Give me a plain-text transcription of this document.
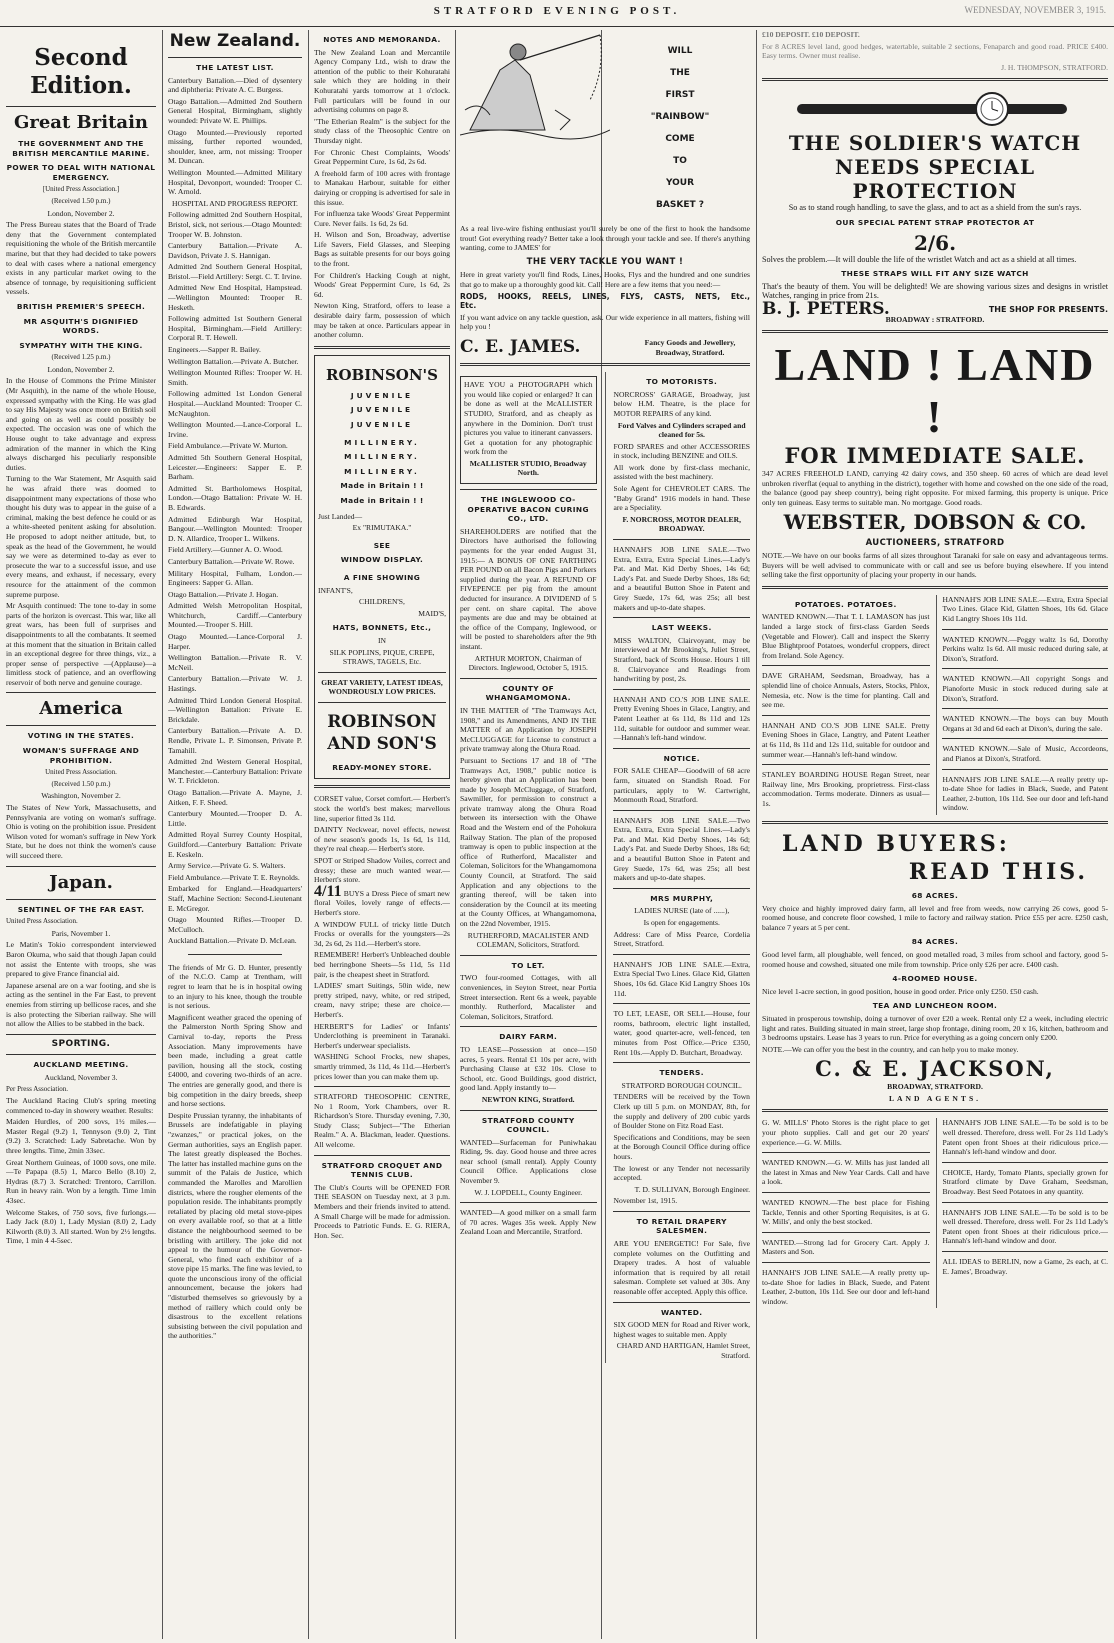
STRATFORD EVENING POST.	WEDNESDAY, NOVEMBER 3, 1915.
Second Edition.
Great Britain
THE GOVERNMENT AND THE BRITISH MERCANTILE MARINE.
POWER TO DEAL WITH NATIONAL EMERGENCY.

[United Press Association.]

(Received 1.50 p.m.)

London, November 2.

The Press Bureau states that the Board of Trade deny that the Government contemplated requisitioning the whole of the British mercantile marine, but that they had decided to take powers to deal with cases where a national emergency exists in any particular market owing to the absence of tonnage, by requisitioning sufficient vessels.

BRITISH PREMIER'S SPEECH.
MR ASQUITH'S DIGNIFIED WORDS.
SYMPATHY WITH THE KING.

(Received 1.25 p.m.)

London, November 2.

In the House of Commons the Prime Minister (Mr Asquith), in the name of the whole House, expressed sympathy with the King. He was glad to say His Majesty was once more on British soil and going on as well as could possibly be expected. The occasion was one of which the House ought to take advantage and express admiration of the manner in which the King always discharged his peculiarly responsible duties.

Turning to the War Statement, Mr Asquith said he was afraid there was doomed to disappointment many expectations of those who thought his duty was to appear in the guise of a criminal, making the best defence he could or as a white-sheeted penitent asking for absolution. He proposed to adopt neither attitude, but, to speak as the head of the Government, he would say we were as determined to-day as ever to prosecute the war to a successful issue, and use every means, and exhaust, if necessary, every resource for the attainment of the common supreme purpose.

Mr Asquith continued: The tone to-day in some parts of the horizon is overcast. This war, like all great wars, has been full of surprises and disappointments to all the combatants. It seemed at this moment that the situation in Britain called in an exceptional degree for three things, viz., a proper sense of perspective —(Applause)—a limitless stock of patience, and an overflowing reservoir of both nerve and genuine courage.

America
VOTING IN THE STATES.
WOMAN'S SUFFRAGE AND PROHIBITION.

United Press Association.

(Received 1.50 p.m.)

Washington, November 2.

The States of New York, Massachusetts, and Pennsylvania are voting on woman's suffrage. Ohio is voting on the prohibition issue. President Wilson voted for woman's suffrage in New York State, but he does not think the women's cause will succeed there.

Japan.
SENTINEL OF THE FAR EAST.

United Press Association.

Paris, November 1.

Le Matin's Tokio correspondent interviewed Baron Okuma, who said that though Japan could not assist the Entente with troops, she was prepared to give France financial aid.

Japanese arsenal are on a war footing, and she is acting as the sentinel in the Far East, to prevent enemies from stirring up bellicose races, and she is also protecting the Siberian railway. She will not allow the Allies to be stabbed in the back.

SPORTING.
AUCKLAND MEETING.

Auckland, November 3.

Per Press Association.

The Auckland Racing Club's spring meeting commenced to-day in showery weather. Results:

Maiden Hurdles, of 200 sovs, 1½ miles.—Master Regal (9.2) 1, Tennyson (9.0) 2, Tint (9.2) 3. Scratched: Lady Sabretache. Won by three lengths. Time, 2min 33sec.

Great Northern Guineas, of 1000 sovs, one mile.—Te Papapa (8.5) 1, Marco Bello (8.10) 2, Hydras (8.7) 3. Scratched: Trentoro, Carrillon. Run in heavy rain. Won by a length. Time 1min 43sec.

Welcome Stakes, of 750 sovs, five furlongs.—Lady Jack (8.0) 1, Lady Mysian (8.0) 2, Lady Kilworth (8.0) 3. All started. Won by 2½ lengths. Time, 1 min 4 4-5sec.

New Zealand.
THE LATEST LIST.

Canterbury Battalion.—Died of dysentery and diphtheria: Private A. C. Burgess.

Otago Battalion.—Admitted 2nd Southern General Hospital, Birmingham, slightly wounded: Private W. E. Phillips.

Otago Mounted.—Previously reported missing, further reported wounded, shoulder, knee, arm, not missing: Trooper M. Duncan.

Wellington Mounted.—Admitted Military Hospital, Devonport, wounded: Trooper C. W. Arnold.

HOSPITAL AND PROGRESS REPORT.

Following admitted 2nd Southern Hospital, Bristol, sick, not serious.—Otago Mounted: Trooper W. B. Johnston.

Canterbury Battalion.—Private A. Davidson, Private J. S. Hannigan.

Admitted 2nd Southern General Hospital, Bristol.—Field Artillery: Sergt. C. T. Irvine.

Admitted New End Hospital, Hampstead.—Wellington Mounted: Trooper R. Hesketh.

Following admitted 1st Southern General Hospital, Birmingham.—Field Artillery: Corporal R. T. Hewell.

Engineers.—Sapper R. Bailey.

Wellington Battalion.—Private A. Butcher.

Wellington Mounted Rifles: Trooper W. H. Smith.

Following admitted 1st London General Hospital.—Auckland Mounted: Trooper C. McNaughton.

Wellington Mounted.—Lance-Corporal L. Irvine.

Field Ambulance.—Private W. Murton.

Admitted 5th Southern General Hospital, Leicester.—Engineers: Sapper E. P. Barham.

Admitted St. Bartholomews Hospital, London.—Otago Battalion: Private W. H. B. Edwards.

Admitted Edinburgh War Hospital, Bangour.—Wellington Mounted: Trooper D. N. Allardice, Trooper L. Wilkens.

Field Artillery.—Gunner A. O. Wood.

Canterbury Battalion.—Private W. Rowe.

Military Hospital, Fulham, London.—Engineers: Sapper G. Allan.

Otago Battalion.—Private J. Hogan.

Admitted Welsh Metropolitan Hospital, Whitchurch, Cardiff.—Canterbury Mounted.—Trooper S. Hill.

Otago Mounted.—Lance-Corporal J. Harper.

Wellington Battalion.—Private R. V. McNeil.

Canterbury Battalion.—Private W. J. Hastings.

Admitted Third London General Hospital.—Wellington Battalion: Private E. Brickdale.

Canterbury Battalion.—Private A. D. Rendle, Private L. P. Simonsen, Private P. Tamahill.

Admitted 2nd Western General Hospital, Manchester.—Canterbury Battalion: Private W. T. Frickleton.

Otago Battalion.—Private A. Mayne, J. Aitken, F. F. Sheed.

Canterbury Mounted.—Trooper D. A. Little.

Admitted Royal Surrey County Hospital, Guildford.—Canterbury Battalion: Private E. Keskeln.

Army Service.—Private G. S. Walters.

Field Ambulance.—Private T. E. Reynolds.

Embarked for England.—Headquarters' Staff, Machine Section: Second-Lieutenant E. McGregor.

Otago Mounted Rifles.—Trooper D. McCulloch.

Auckland Battalion.—Private D. McLean.

The friends of Mr G. D. Hunter, presently of the N.C.O. Camp at Trentham, will regret to learn that he is in hospital owing to an injury to his knee, though the trouble is not serious.

Magnificent weather graced the opening of the Palmerston North Spring Show and Carnival to-day, reports the Press Association. Many improvements have been made, including a great cattle pavilion, housing all the stock, costing £4000, and covering two-thirds of an acre. The entries are generally good, and there is big competition in the dairy breeds, sheep and horse sections.

Despite Prussian tyranny, the inhabitants of Brussels are indefatigable in playing "zwanzes," or practical jokes, on the German authorities, says an English paper. The latest greatly displeased the Boches. The latter has installed machine guns on the summit of the Palais de Justice, which commanded the Marolles and Marollien districts, where the rougher elements of the population reside. The inhabitants promptly retaliated by placing old metal stove-pipes on every available roof, so that at a little distance the neighbourhood seemed to be bristling with artillery. The joke did not appeal to the humour of the Governor-General, who fined each exhibitor of a stove pipe 15 marks. The fine was levied, to quote the unconscious irony of the official announcement, because the jokers had "disturbed themselves so grievously by a method of raillery which could only be disastrous to the excellent relations subsisting between the civil population and the authorities."

NOTES AND MEMORANDA.

The New Zealand Loan and Mercantile Agency Company Ltd., wish to draw the attention of the public to their Kohuratahi sale which they are holding in their Kohuratahi yards tomorrow at 1 o'clock. Full particulars will be found in our advertising columns on page 8.

"The Etherian Realm" is the subject for the study class of the Theosophic Centre on Thursday night.

For Chronic Chest Complaints, Woods' Great Peppermint Cure, 1s 6d, 2s 6d.

A freehold farm of 100 acres with frontage to Manakau Harbour, suitable for either dairying or cropping is advertised for sale in this issue.

For influenza take Woods' Great Peppermint Cure. Never fails. 1s 6d, 2s 6d.

H. Wilson and Son, Broadway, advertise Life Savers, Field Glasses, and Sleeping Bags as suitable presents for our boys going to the front.

For Children's Hacking Cough at night, Woods' Great Peppermint Cure, 1s 6d, 2s 6d.

Newton King, Stratford, offers to lease a desirable dairy farm, possession of which may be taken at once. Particulars appear in another column.

ROBINSON'S
JUVENILE
JUVENILE
JUVENILE
MILLINERY.
MILLINERY.
MILLINERY.
Made in Britain ! !
Made in Britain ! !

Just Landed—

Ex "RIMUTAKA."

SEE
WINDOW DISPLAY.
A FINE SHOWING

INFANT'S,

CHILDREN'S,

MAID'S,

HATS, BONNETS, Etc.,

IN

SILK POPLINS, PIQUE, CREPE, STRAWS, TAGELS, Etc.

GREAT VARIETY, LATEST IDEAS, WONDROUSLY LOW PRICES.

ROBINSON AND SON'S
READY-MONEY STORE.

CORSET value, Corset comfort.— Herbert's stock the world's best makes; marvellous line, superior fitted 3s 11d.

DAINTY Neckwear, novel effects, newest of new season's goods 1s, 1s 6d, 1s 11d, they're real cheap.— Herbert's store.

SPOT or Striped Shadow Voiles, correct and dressy; these are much wanted wear.—Herbert's store.

4/11 BUYS a Dress Piece of smart new floral Voiles, lovely range of effects.—Herbert's store.

A WINDOW FULL of tricky little Dutch Frocks or overalls for the youngsters—2s 3d, 2s 6d, 2s 11d.—Herbert's store.

REMEMBER! Herbert's Unbleached double bed herringbone Sheets—5s 11d, 5s 11d pair, is the cheapest sheet in Stratford.

LADIES' smart Suitings, 50in wide, new pretty striped, navy, white, or red striped, cream, navy stripe; these are choice.—Herbert's.

HERBERT'S for Ladies' or Infants' Underclothing is preeminent in Taranaki. Herbert's underwear specialists.

WASHING School Frocks, new shapes, smartly trimmed, 3s 11d, 4s 11d.—Herbert's prices lower than you can make them up.

STRATFORD THEOSOPHIC CENTRE, No 1 Room, York Chambers, over R. Richardson's Store. Thursday evening, 7.30, Study Class; Subject—"The Etherian Realm." A. A. Blackman, leader. Questions. All welcome.

STRATFORD CROQUET AND TENNIS CLUB.

The Club's Courts will be OPENED FOR THE SEASON on Tuesday next, at 3 p.m. Members and their friends invited to attend. A Small Charge will be made for admission. Proceeds to Patriotic Funds. E. G. RIERA, Hon. Sec.

WILL
THE
FIRST
"RAINBOW"
COME
TO
YOUR
BASKET ?

As a real live-wire fishing enthusiast you'll surely be one of the first to hook the handsome trout! Got everything ready? Better take a look through your tackle and see. If there's anything wanting, come to JAMES' for

THE VERY TACKLE YOU WANT !

Here in great variety you'll find Rods, Lines, Hooks, Flys and the hundred and one sundries that go to make up a thoroughly good kit. Call! Here are a few items that you need:—

RODS, HOOKS, REELS, LINES, FLYS, CASTS, NETS, Etc., Etc.

If you want advice on any tackle question, ask. Our wide experience in all matters, fishing will help you !

C. E. JAMES.	Fancy Goods and Jewellery, Broadway, Stratford.

HAVE YOU a PHOTOGRAPH which you would like copied or enlarged? It can be done as well at the McALLISTER STUDIO, Stratford, and as cheaply as anywhere in the Dominion. Don't trust pictures you value to itinerant canvassers. Get a quotation for any photographic work from the

McALLISTER STUDIO, Broadway North.

THE INGLEWOOD CO-OPERATIVE BACON CURING CO., LTD.

SHAREHOLDERS are notified that the Directors have authorised the following payments for the year ended August 31, 1915:— A BONUS OF ONE FARTHING PER POUND on all Bacon Pigs and Porkers supplied during the year. A REFUND OF FIVEPENCE per pig from the amount deducted for insurance. A DIVIDEND of 5 per cent. on share capital. The above payments are due and may be obtained at the office of the Company, Inglewood, or will be posted to shareholders after the 9th instant.

ARTHUR MORTON, Chairman of Directors. Inglewood, October 5, 1915.

COUNTY OF WHANGAMOMONA.

IN THE MATTER of "The Tramways Act, 1908," and its Amendments, AND IN THE MATTER of an Application by JOSEPH McCLUGGAGE for License to construct a private tramway along the Ohura Road.

Pursuant to Sections 17 and 18 of "The Tramways Act, 1908," public notice is hereby given that an Application has been made by Joseph McCluggage, of Stratford, Sawmiller, for permission to construct a private tramway along the Ohura Road between its intersection with the Ohawe Road and the Western end of the Pohokura Railway Station. The plan of the proposed tramway is open to public inspection at the office of Rutherford, Macalister and Coleman, Solicitors for the Whangamomona County Council, at Stratford. The said Application and any objections to the granting thereof, will be taken into consideration by the Council at its meeting at the County Offices, at Whangamomona, on the 22nd November, 1915.

RUTHERFORD, MACALISTER AND COLEMAN, Solicitors, Stratford.

TO LET.

TWO four-roomed Cottages, with all conveniences, in Seyton Street, near Portia Street intersection. Rent 6s a week, payable monthly. Rutherford, Macalister and Coleman, Solicitors, Stratford.

DAIRY FARM.

TO LEASE—Possession at once—150 acres, 5 years. Rental £1 10s per acre, with Purchasing Clause at £32 10s. Close to School, etc. Good Buildings, good district, good land. Apply instantly to—

NEWTON KING, Stratford.

STRATFORD COUNTY COUNCIL.

WANTED—Surfaceman for Puniwhakau Riding, 9s. day. Good house and three acres near school (small rental). Apply County Council Office. Applications close November 9.

W. J. LOPDELL, County Engineer.

WANTED—A good milker on a small farm of 70 acres. Wages 35s week. Apply New Zealand Loan and Mercantile, Stratford.

TO MOTORISTS.

NORCROSS' GARAGE, Broadway, just below H.M. Theatre, is the place for MOTOR REPAIRS of any kind.

Ford Valves and Cylinders scraped and cleaned for 5s.

FORD SPARES and other ACCESSORIES in stock, including BENZINE and OILS.

All work done by first-class mechanic, assisted with the best machinery.

Sole Agent for CHEVROLET CARS. The "Baby Grand" 1916 models in hand. These are a Speciality.

F. NORCROSS, MOTOR DEALER, BROADWAY.

HANNAH'S JOB LINE SALE.—Two Extra, Extra, Extra Special Lines.—Lady's Pat. and Mat. Kid Derby Shoes, 14s 6d; Lady's Pat. and Suede Derby Shoes, 18s 6d; and a beautiful Button Shoe in Patent and Grey Suede, 17s 6d, was 25s; all best makers and up-to-date shapes.

LAST WEEKS.

MISS WALTON, Clairvoyant, may be interviewed at Mr Brooking's, Juliet Street, Stratford, back of Scotts House. Hours 1 till 8. Clairvoyance and Readings from handwriting by post, 2s.

HANNAH AND CO.'S JOB LINE SALE. Pretty Evening Shoes in Glace, Langtry, and Patent Leather at 6s 11d, 8s 11d and 12s 11d, suitable for outdoor and summer wear.—Hannah's left-hand window.

NOTICE.

FOR SALE CHEAP—Goodwill of 68 acre farm, situated on Standish Road. For particulars, apply to W. Cartwright, Monmouth Road, Stratford.

HANNAH'S JOB LINE SALE.—Two Extra, Extra, Extra Special Lines.—Lady's Pat. and Mat. Kid Derby Shoes, 14s 6d; Lady's Pat. and Suede Derby Shoes, 18s 6d; and a beautiful Button Shoe in Patent and Grey Suede, 17s 6d, was 25s; all best makers and up-to-date shapes.

MRS MURPHY,

LADIES NURSE (late of ......),

Is open for engagements.

Address: Care of Miss Pearce, Cordelia Street, Stratford.

HANNAH'S JOB LINE SALE.—Extra, Extra Special Two Lines. Glace Kid, Glatten Shoes, 10s 6d. Glace Kid Langtry Shoes 10s 11d.

TO LET, LEASE, OR SELL—House, four rooms, bathroom, electric light installed, water, good quarter-acre, well-fenced, ten minutes from Post Office.—Price £350, Rent 10s.—Apply D. Butchart, Broadway.

TENDERS.

STRATFORD BOROUGH COUNCIL.

TENDERS will be received by the Town Clerk up till 5 p.m. on MONDAY, 8th, for the supply and delivery of 200 cubic yards of Boulder Stone on Fitz Road East.

Specifications and Conditions, may be seen at the Borough Council Office during office hours.

The lowest or any Tender not necessarily accepted.

T. D. SULLIVAN, Borough Engineer.

November 1st, 1915.

TO RETAIL DRAPERY SALESMEN.

ARE YOU ENERGETIC! For Sale, five complete volumes on the Outfitting and Drapery trades. A host of valuable information that is required by all retail salesman. Complete set valued at 30s. Any reasonable offer accepted. Apply this office.

WANTED.

SIX GOOD MEN for Road and River work, highest wages to suitable men. Apply

CHARD AND HARTIGAN, Hamlet Street, Stratford.

£10 DEPOSIT. £10 DEPOSIT.

For 8 ACRES level land, good hedges, watertable, suitable 2 sections, Fenaparch and good road. PRICE £400. Easy terms. Owner must realise.

J. H. THOMPSON, STRATFORD.

THE SOLDIER'S WATCH
NEEDS SPECIAL
PROTECTION

So as to stand rough handling, to save the glass, and to act as a shield from the sun's rays.

OUR SPECIAL PATENT STRAP PROTECTOR AT
2/6.

Solves the problem.—It will double the life of the wristlet Watch and act as a shield at all times.

THESE STRAPS WILL FIT ANY SIZE WATCH

That's the beauty of them. You will be delighted! We are showing various sizes and designs in wristlet Watches, ranging in price from 21s.

B. J. PETERS.	THE SHOP FOR PRESENTS.

BROADWAY : STRATFORD.

LAND ! LAND !
FOR IMMEDIATE SALE.

347 ACRES FREEHOLD LAND, carrying 42 dairy cows, and 350 sheep. 60 acres of which are dead level unbroken riverflat (equal to anything in the district), together with home and cowshed on the one side of the road, the balance (good pay sheep country), being right opposite. For mixed farming, this property is unique. Price only ten guineas. Easy terms to suitable man. No mortgage. Good roads.

WEBSTER, DOBSON & CO.
AUCTIONEERS, STRATFORD

NOTE.—We have on our books farms of all sizes throughout Taranaki for sale on easy and advantageous terms. Buyers will be well advised to communicate with or call and see us before buying elsewhere. If you intend selling take the first opportunity of placing your property in our hands.

POTATOES. POTATOES.

WANTED KNOWN.—That T. I. LAMASON has just landed a large stock of first-class Garden Seeds (Vegetable and Flower). Call and inspect the Skerry Blue Blightproof Potatoes, wonderful croppers, direct from Ireland. Sole Agency.

DAVE GRAHAM, Seedsman, Broadway, has a splendid line of choice Annuals, Asters, Stocks, Phlox, Nemesia, etc. Now is the time for planting. Call and see me.

HANNAH AND CO.'S JOB LINE SALE. Pretty Evening Shoes in Glace, Langtry, and Patent Leather at 6s 11d, 8s 11d and 12s 11d, suitable for outdoor and summer wear.—Hannah's left-hand window.

STANLEY BOARDING HOUSE Regan Street, near Railway line, Mrs Brooking, proprietress. First-class accommodation. Terms moderate. Dinners as usual—1s.

HANNAH'S JOB LINE SALE.—Extra, Extra Special Two Lines. Glace Kid, Glatten Shoes, 10s 6d. Glace Kid Langtry Shoes 10s 11d.

WANTED KNOWN.—Peggy waltz 1s 6d, Dorothy Perkins waltz 1s 6d. All music reduced during sale, at Dixon's, Stratford.

WANTED KNOWN.—All copyright Songs and Pianoforte Music in stock reduced during sale at Dixon's, Stratford.

WANTED KNOWN.—The boys can buy Mouth Organs at 3d and 6d each at Dixon's, during the sale.

WANTED KNOWN.—Sale of Music, Accordeons, and Pianos at Dixon's, Stratford.

HANNAH'S JOB LINE SALE.—A really pretty up-to-date Shoe for ladies in Black, Suede, and Patent Leather, 2-button, 10s 11d. See our door and left-hand window.

LAND BUYERS:
READ THIS.
68 ACRES.

Very choice and highly improved dairy farm, all level and free from weeds, now carrying 26 cows, good 5-roomed house, and concrete floor cowshed, 1 mile to factory and railway station. Price £55 per acre. £250 cash, balance 7 years at 5 per cent.

84 ACRES.

Good level farm, all ploughable, well fenced, on good metalled road, 3 miles from school and factory, good 5-roomed house and cowshed, situated one mile from township. Price only £26 per acre. £400 cash.

4-ROOMED HOUSE.

Nice level 1-acre section, in good position, house in good order. Price only £250. £50 cash.

TEA AND LUNCHEON ROOM.

Situated in prosperous township, doing a turnover of over £20 a week. Rental only £2 a week, including electric light and rates. Building situated in main street, large shop frontage, dining room, 20 x 16, kitchen, bathroom and 3 bedrooms upstairs. Lease has 3 years to run. Price for everything as a going concern only £200.

NOTE.—We can offer you the best in the country, and can help you to make money.

C. & E. JACKSON,

BROADWAY, STRATFORD.

LAND AGENTS.

G. W. MILLS' Photo Stores is the right place to get your photo supplies. Call and get our 20 years' experience.—G. W. Mills.

WANTED KNOWN.—G. W. Mills has just landed all the latest in Xmas and New Year Cards. Call and have a look.

WANTED KNOWN.—The best place for Fishing Tackle, Tennis and other Sporting Requisites, is at G. W. Mills', and only the best stocked.

WANTED.—Strong lad for Grocery Cart. Apply J. Masters and Son.

HANNAH'S JOB LINE SALE.—A really pretty up-to-date Shoe for ladies in Black, Suede, and Patent Leather, 2-button, 10s 11d. See our door and left-hand window.

HANNAH'S JOB LINE SALE.—To be sold is to be well dressed. Therefore, dress well. For 2s 11d Lady's Patent open front Shoes at their ridiculous price.—Hannah's left-hand window and door.

CHOICE, Hardy, Tomato Plants, specially grown for Stratford climate by Dave Graham, Seedsman, Broadway. Best Seed Potatoes in any quantity.

HANNAH'S JOB LINE SALE.—To be sold is to be well dressed. Therefore, dress well. For 2s 11d Lady's Patent open front Shoes at their ridiculous price.—Hannah's left-hand window and door.

ALL IDEAS to BERLIN, now a Game, 2s each, at C. E. James', Broadway.
